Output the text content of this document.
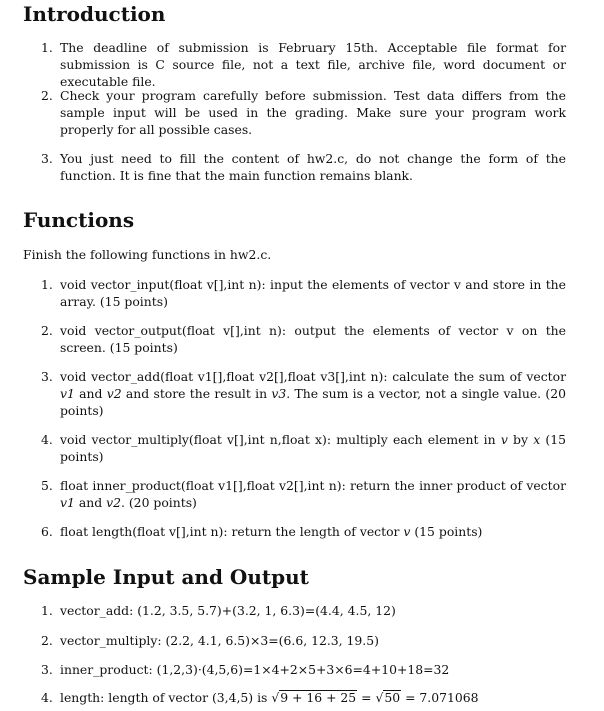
Introduction
1. The deadline of submission is February 15th. Acceptable file format for submission is C source file, not a text file, archive file, word document or executable file.
2. Check your program carefully before submission. Test data differs from the sample input will be used in the grading. Make sure your program work properly for all possible cases.
3. You just need to fill the content of hw2.c, do not change the form of the function. It is fine that the main function remains blank.
Functions

Finish the following functions in hw2.c.

1. void vector_input(float v[],int n): input the elements of vector v and store in the array. (15 points)
2. void vector_output(float v[],int n): output the elements of vector v on the screen. (15 points)
3. void vector_add(float v1[],float v2[],float v3[],int n): calculate the sum of vector v1 and v2 and store the result in v3. The sum is a vector, not a single value. (20 points)
4. void vector_multiply(float v[],int n,float x): multiply each element in v by x (15 points)
5. float inner_product(float v1[],float v2[],int n): return the inner product of vector v1 and v2. (20 points)
6. float length(float v[],int n): return the length of vector v (15 points)
Sample Input and Output
1. vector_add: (1.2, 3.5, 5.7)+(3.2, 1, 6.3)=(4.4, 4.5, 12)
2. vector_multiply: (2.2, 4.1, 6.5)×3=(6.6, 12.3, 19.5)
3. inner_product: (1,2,3)·(4,5,6)=1×4+2×5+3×6=4+10+18=32
4. length: length of vector (3,4,5) is √9 + 16 + 25 = √50 = 7.071068
